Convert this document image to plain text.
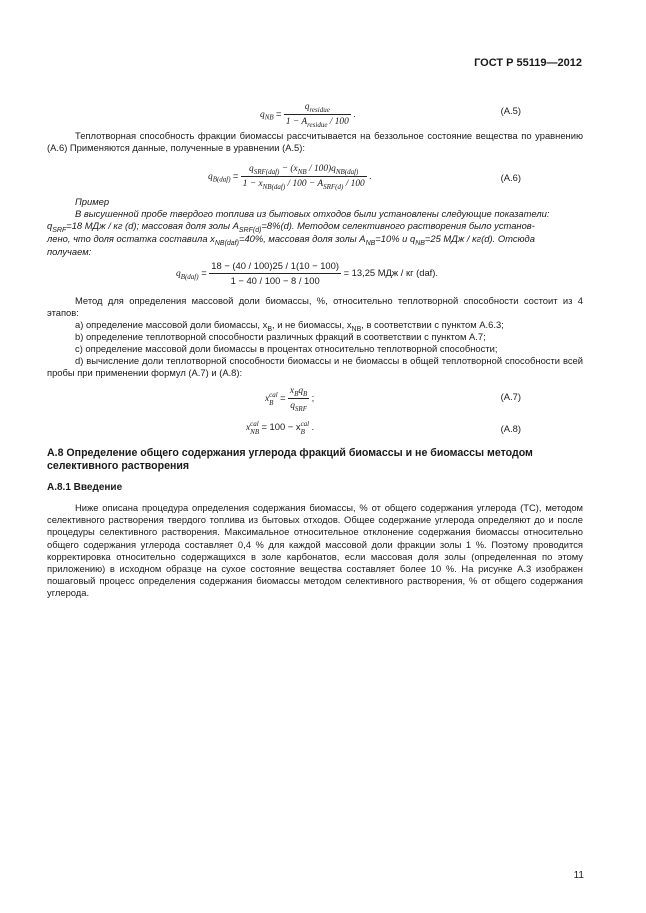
ГОСТ Р 55119—2012
$q_{NB} = \frac{q_{residue}}{1 - A_{residue} / 100}$ .	(A.5)
Теплотворная способность фракции биомассы рассчитывается на беззольное состояние вещества по уравнению (A.6) Применяются данные, полученные в уравнении (A.5):
$q_{B(daf)} = \frac{q_{SRF(daf)} - (x_{NB} / 100)q_{NB(daf)}}{1 - x_{NB(daf)} / 100 - A_{SRF(d)} / 100}$ .	(A.6)
Пример
В высушенной пробе твердого топлива из бытовых отходов были установлены следующие показатели:
$q_{SRF}=18$ МДж / кг (d); массовая доля золы $A_{SRF(d)}=8\%(d)$. Методом селективного растворения было установ-
лено, что доля остатка составила $x_{NB(daf)}=40\%$, массовая доля золы $A_{NB}=10\%$ и $q_{NB}=25$ МДж / кг(d). Отсюда
получаем:
$q_{B(daf)} = \frac{18 - (40 / 100)25 / 1(10 - 100)}{1 - 40 / 100 - 8 / 100} = 13,25$ МДж / кг (daf).
Метод для определения массовой доли биомассы, %, относительно теплотворной способности состоит из 4 этапов:
a) определение массовой доли биомассы, $x_B$, и не биомассы, $x_{NB}$, в соответствии с пунктом A.6.3;
b) определение теплотворной способности различных фракций в соответствии с пунктом A.7;
c) определение массовой доли биомассы в процентах относительно теплотворной способности;
d) вычисление доли теплотворной способности биомассы и не биомассы в общей теплотворной способности всей пробы при применении формул (A.7) и (A.8):
x cal
$B = \frac{x_Bq_B}{q_{SRF}}$ ;	(A.7)
x cal
NB = 100 − x cal
B .	(A.8)
A.8 Определение общего содержания углерода фракций биомассы и не биомассы методом селективного растворения
A.8.1 Введение
Ниже описана процедура определения содержания биомассы, % от общего содержания углерода (TC), методом селективного растворения твердого топлива из бытовых отходов. Общее содержание углерода определяют до и после процедуры селективного растворения. Максимальное относительное отклонение содержания биомассы относительно общего содержания углерода составляет 0,4 % для каждой массовой доли фракции золы 1 %. Поэтому проводится корректировка относительно содержащихся в золе карбонатов, если массовая доля золы (определенная по этому приложению) в исходном образце на сухое состояние вещества составляет более 10 %. На рисунке A.3 изображен пошаговый процесс определения содержания биомассы методом селективного растворения, % от общего содержания углерода.
11
